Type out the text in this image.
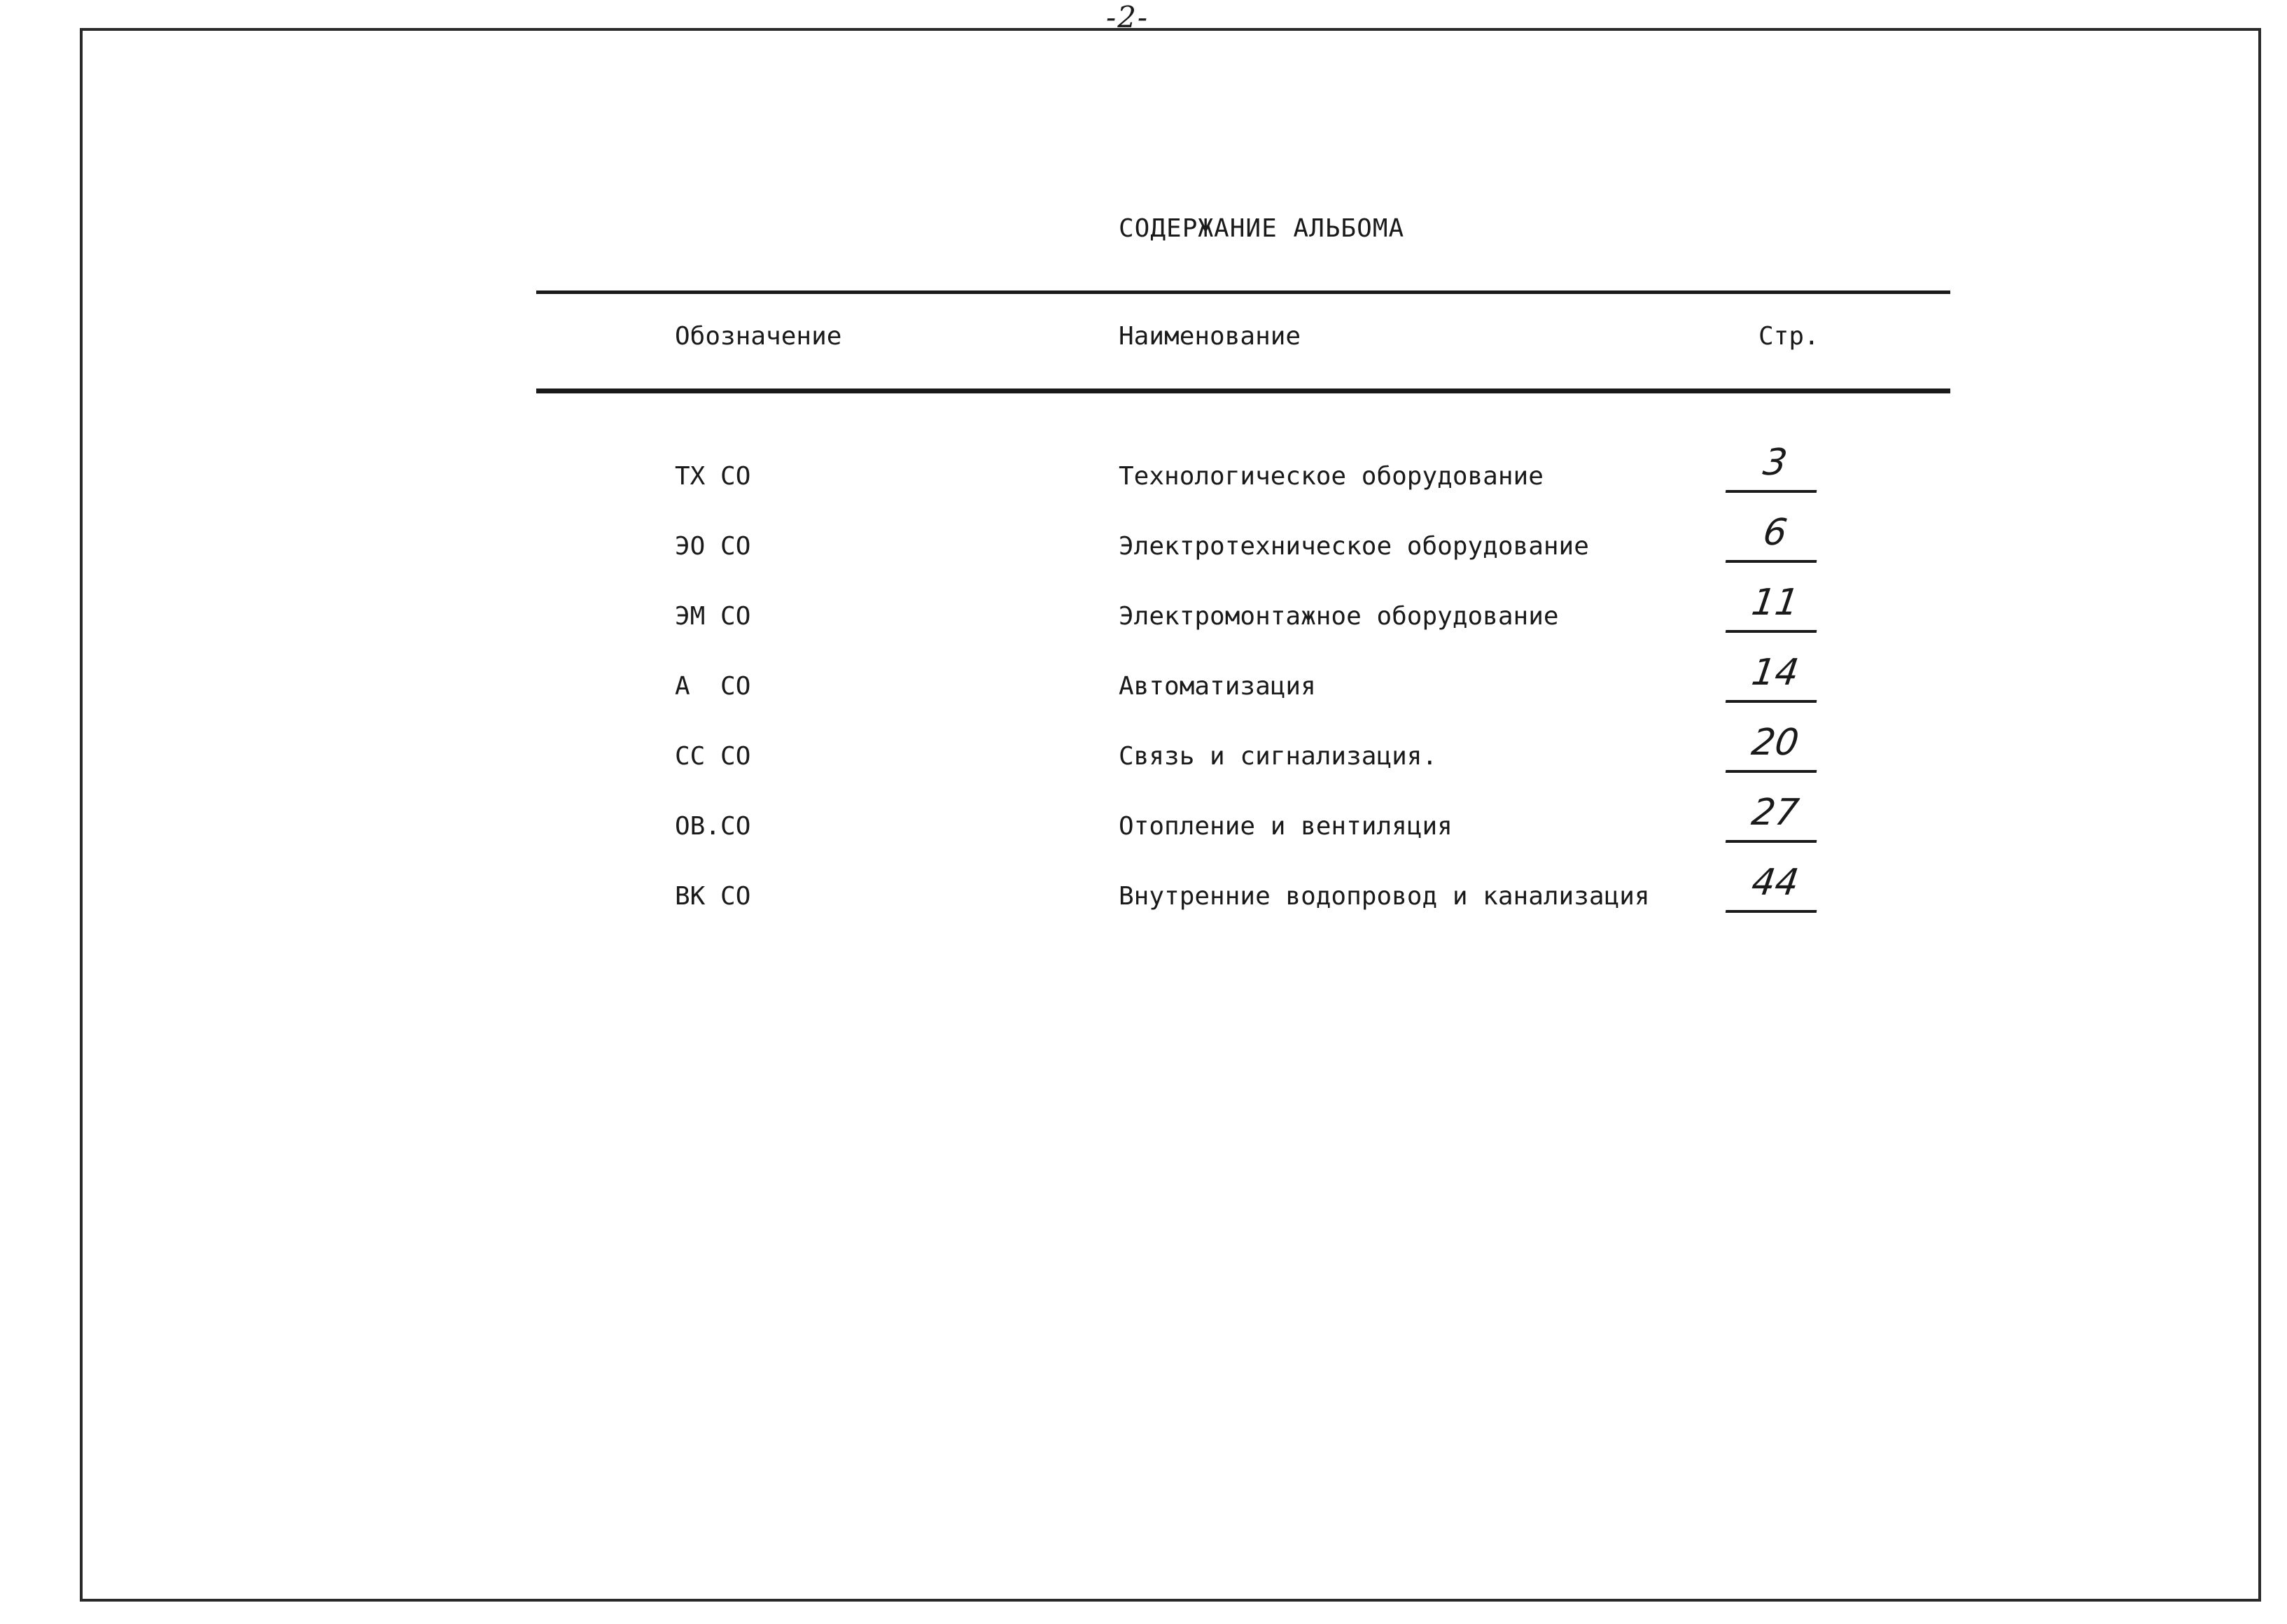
-2-
СОДЕРЖАНИЕ АЛЬБОМА
Обозначение	Наименование	Стр.
ТХ СО	Технологическое оборудование	3
ЭО СО	Электротехническое оборудование	6
ЭМ СО	Электромонтажное оборудование	11
А  СО	Автоматизация	14
СС СО	Связь и сигнализация.	20
ОВ.СО	Отопление и вентиляция	27
ВК СО	Внутренние водопровод и канализация	44
